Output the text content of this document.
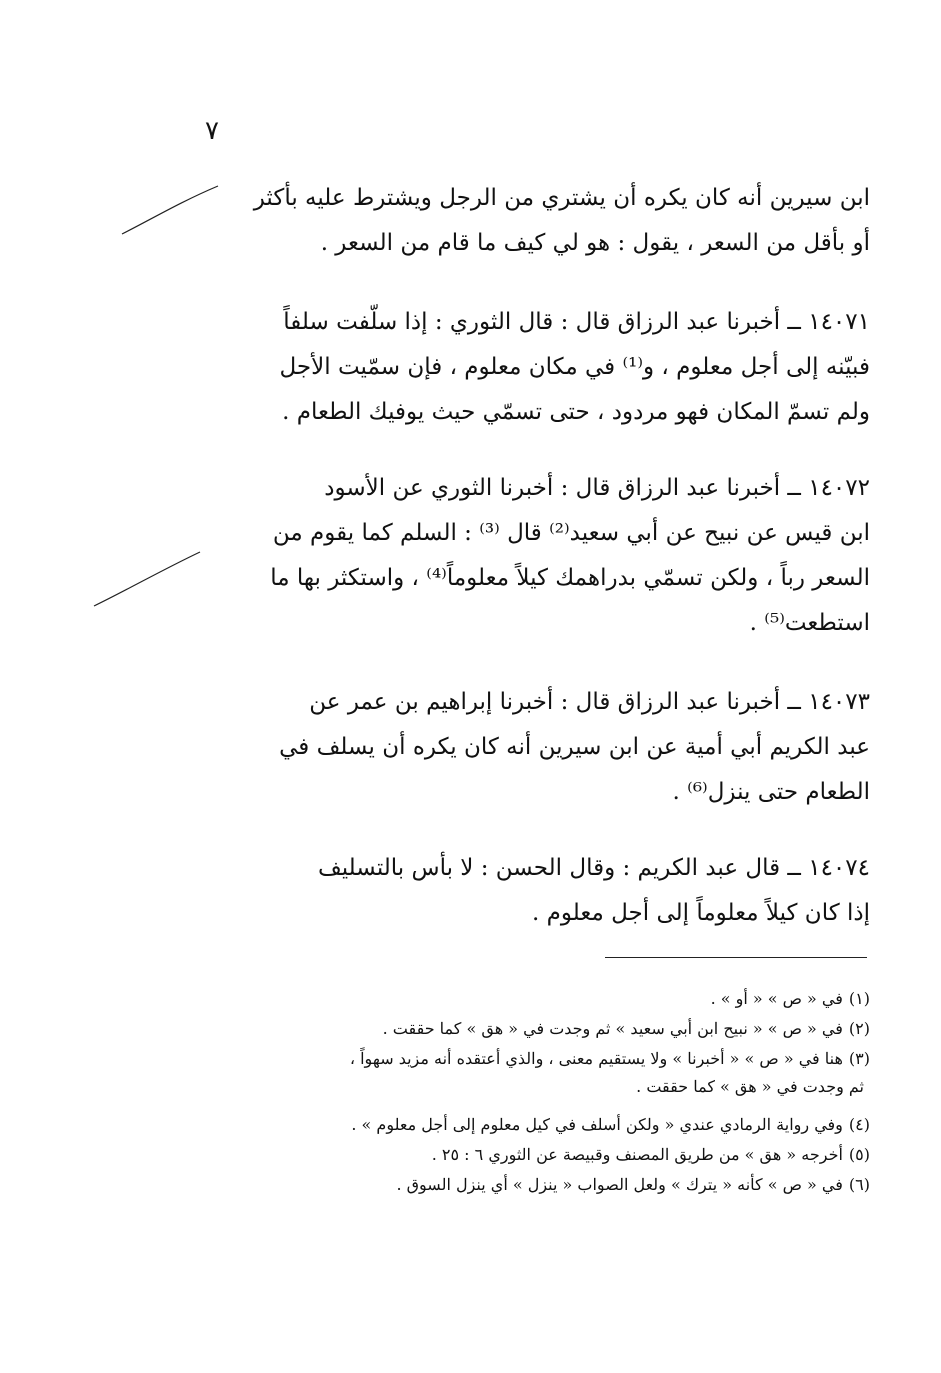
٧

ابن سيرين أنه كان يكره أن يشتري من الرجل ويشترط عليه بأكثر

أو بأقل من السعر ، يقول : هو لي كيف ما قام من السعر .

١٤٠٧١ ــ أخبرنا عبد الرزاق قال : قال الثوري : إذا سلّفت سلفاً

فبيّنه إلى أجل معلوم ، و⁽¹⁾ في مكان معلوم ، فإن سمّيت الأجل

ولم تسمّ المكان فهو مردود ، حتى تسمّي حيث يوفيك الطعام .

١٤٠٧٢ ــ أخبرنا عبد الرزاق قال : أخبرنا الثوري عن الأسود

ابن قيس عن نبيح عن أبي سعيد⁽²⁾ قال ⁽³⁾ : السلم كما يقوم من

السعر رباً ، ولكن تسمّي بدراهمك كيلاً معلوماً⁽⁴⁾ ، واستكثر بها ما

استطعت⁽⁵⁾ .

١٤٠٧٣ ــ أخبرنا عبد الرزاق قال : أخبرنا إبراهيم بن عمر عن

عبد الكريم أبي أمية عن ابن سيرين أنه كان يكره أن يسلف في

الطعام حتى ينزل⁽⁶⁾ .

١٤٠٧٤ ــ قال عبد الكريم : وقال الحسن : لا بأس بالتسليف

إذا كان كيلاً معلوماً إلى أجل معلوم .

(١)في « ص » « أو » .

(٢)في « ص » « نبيح ابن أبي سعيد » ثم وجدت في « هق » كما حققت .

(٣)هنا في « ص » « أخبرنا » ولا يستقيم معنى ، والذي أعتقده أنه مزيد سهواً ،

ثم وجدت في « هق » كما حققت .

(٤)وفي رواية الرمادي عندي « ولكن أسلف في كيل معلوم إلى أجل معلوم » .

(٥)أخرجه « هق » من طريق المصنف وقبيصة عن الثوري ٦ : ٢٥ .

(٦)في « ص » كأنه « يترك » ولعل الصواب « ينزل » أي ينزل السوق .
